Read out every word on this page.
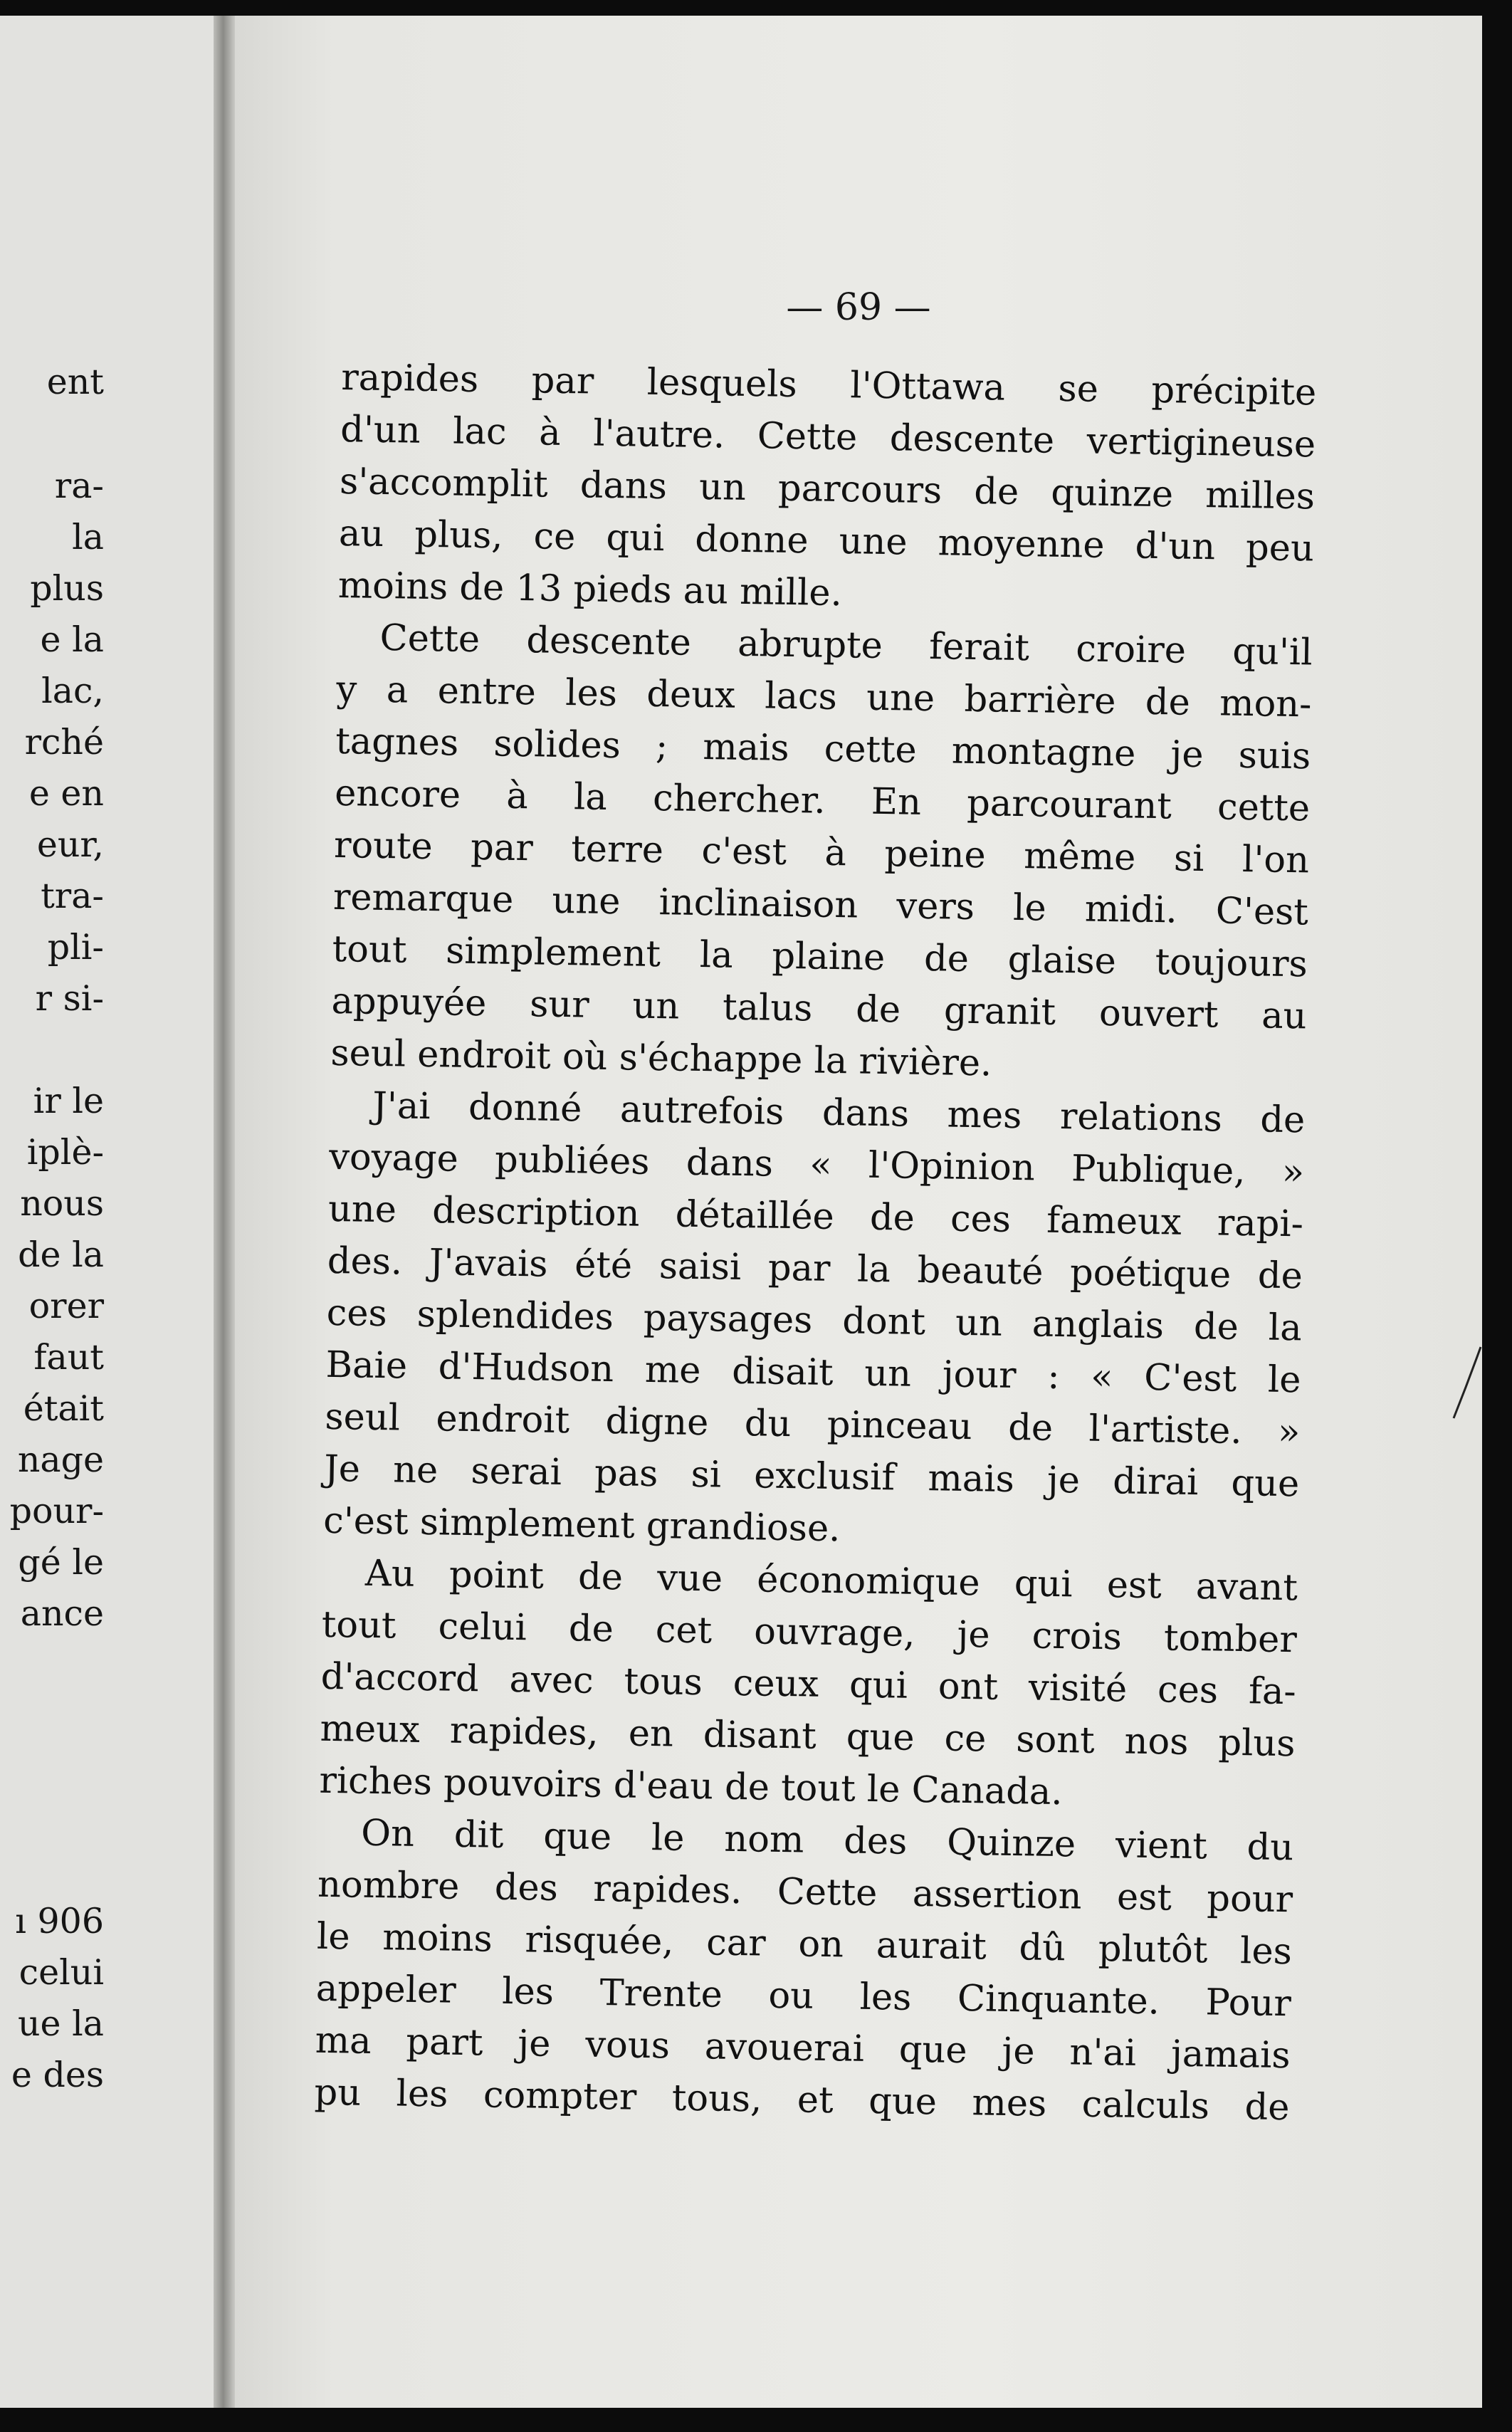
ent
ra-
la
plus
e la
lac,
rché
e en
eur,
tra-
pli-
r si-
ir le
iplè-
nous
de la
orer
faut
était
nage
pour-
gé le
ance
ı 906
celui
ue la
e des
— 69 —
rapides par lesquels l'Ottawa se précipite
d'un lac à l'autre. Cette descente vertigineuse
s'accomplit dans un parcours de quinze milles
au plus, ce qui donne une moyenne d'un peu
moins de 13 pieds au mille.
Cette descente abrupte ferait croire qu'il
y a entre les deux lacs une barrière de mon-
tagnes solides ; mais cette montagne je suis
encore à la chercher. En parcourant cette
route par terre c'est à peine même si l'on
remarque une inclinaison vers le midi. C'est
tout simplement la plaine de glaise toujours
appuyée sur un talus de granit ouvert au
seul endroit où s'échappe la rivière.
J'ai donné autrefois dans mes relations de
voyage publiées dans « l'Opinion Publique, »
une description détaillée de ces fameux rapi-
des. J'avais été saisi par la beauté poétique de
ces splendides paysages dont un anglais de la
Baie d'Hudson me disait un jour : « C'est le
seul endroit digne du pinceau de l'artiste. »
Je ne serai pas si exclusif mais je dirai que
c'est simplement grandiose.
Au point de vue économique qui est avant
tout celui de cet ouvrage, je crois tomber
d'accord avec tous ceux qui ont visité ces fa-
meux rapides, en disant que ce sont nos plus
riches pouvoirs d'eau de tout le Canada.
On dit que le nom des Quinze vient du
nombre des rapides. Cette assertion est pour
le moins risquée, car on aurait dû plutôt les
appeler les Trente ou les Cinquante. Pour
ma part je vous avouerai que je n'ai jamais
pu les compter tous, et que mes calculs de
